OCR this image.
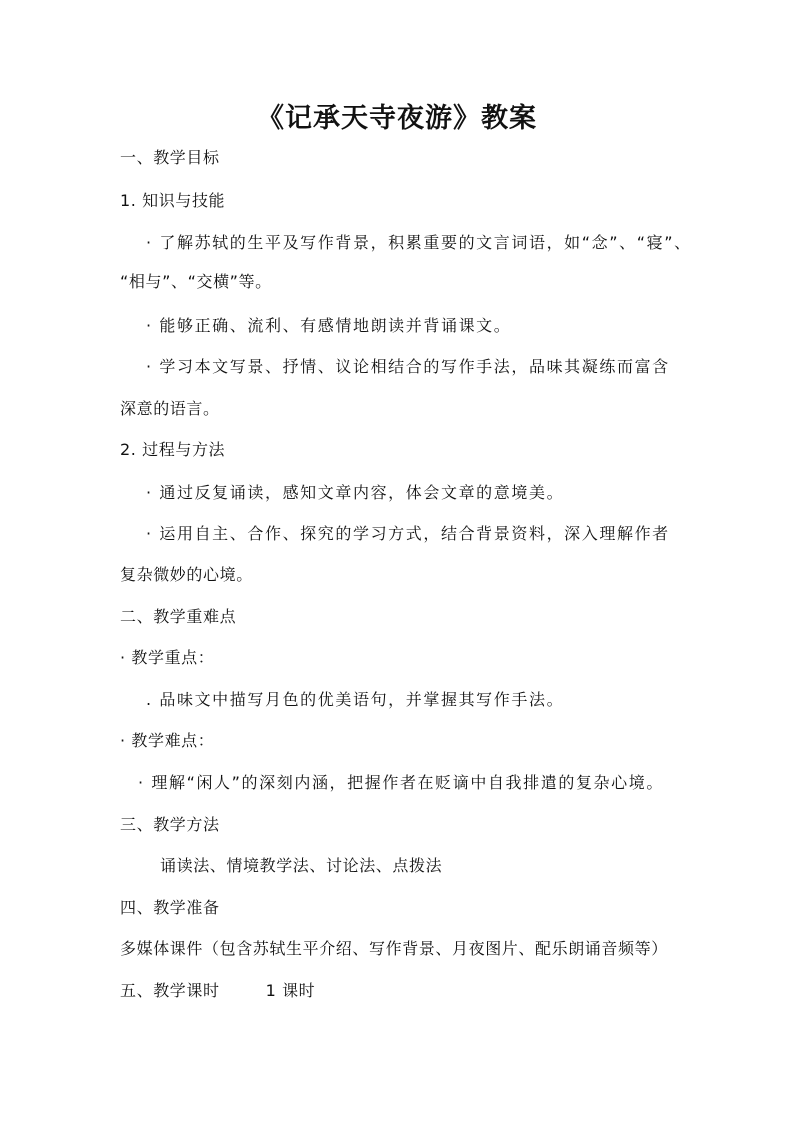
《记承天寺夜游》教案
一、教学目标
1. 知识与技能
· 了解苏轼的生平及写作背景，积累重要的文言词语，如“念”、“寝”、
“相与”、“交横”等。
· 能够正确、流利、有感情地朗读并背诵课文。
· 学习本文写景、抒情、议论相结合的写作手法，品味其凝练而富含
深意的语言。
2. 过程与方法
· 通过反复诵读，感知文章内容，体会文章的意境美。
· 运用自主、合作、探究的学习方式，结合背景资料，深入理解作者
复杂微妙的心境。
二、教学重难点
· 教学重点：
. 品味文中描写月色的优美语句，并掌握其写作手法。
· 教学难点：
· 理解“闲人”的深刻内涵，把握作者在贬谪中自我排遣的复杂心境。
三、教学方法
诵读法、情境教学法、讨论法、点拨法
四、教学准备
多媒体课件（包含苏轼生平介绍、写作背景、月夜图片、配乐朗诵音频等）
五、教学课时	1 课时
